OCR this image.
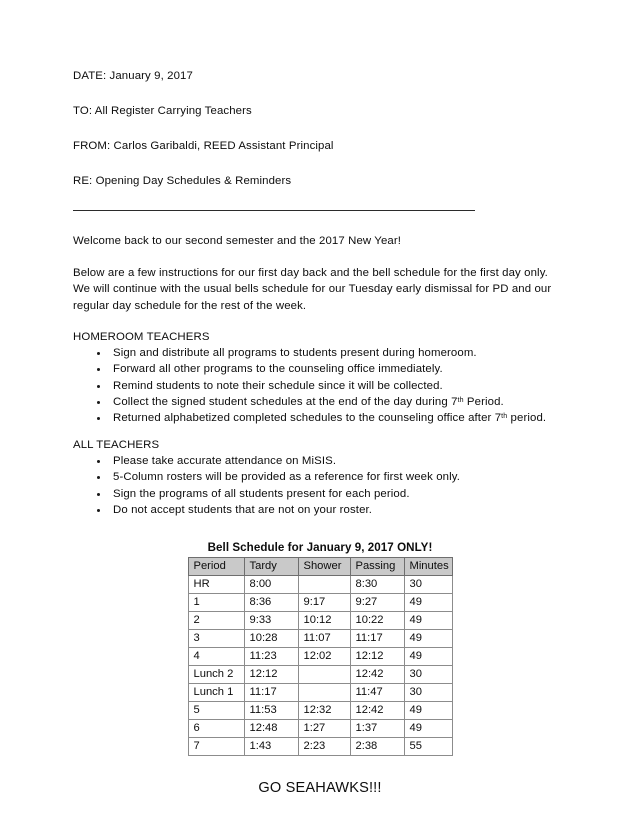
DATE: January 9, 2017

TO: All Register Carrying Teachers

FROM: Carlos Garibaldi, REED Assistant Principal

RE: Opening Day Schedules & Reminders

Welcome back to our second semester and the 2017 New Year!

Below are a few instructions for our first day back and the bell schedule for the first day only. We will continue with the usual bells schedule for our Tuesday early dismissal for PD and our regular day schedule for the rest of the week.

HOMEROOM TEACHERS

Sign and distribute all programs to students present during homeroom.
Forward all other programs to the counseling office immediately.
Remind students to note their schedule since it will be collected.
Collect the signed student schedules at the end of the day during 7th Period.
Returned alphabetized completed schedules to the counseling office after 7th period.

ALL TEACHERS

Please take accurate attendance on MiSIS.
5-Column rosters will be provided as a reference for first week only.
Sign the programs of all students present for each period.
Do not accept students that are not on your roster.

Bell Schedule for January 9, 2017 ONLY!

Period	Tardy	Shower	Passing	Minutes
HR	8:00		8:30	30
1	8:36	9:17	9:27	49
2	9:33	10:12	10:22	49
3	10:28	11:07	11:17	49
4	11:23	12:02	12:12	49
Lunch 2	12:12		12:42	30
Lunch 1	11:17		11:47	30
5	11:53	12:32	12:42	49
6	12:48	1:27	1:37	49
7	1:43	2:23	2:38	55

GO SEAHAWKS!!!
